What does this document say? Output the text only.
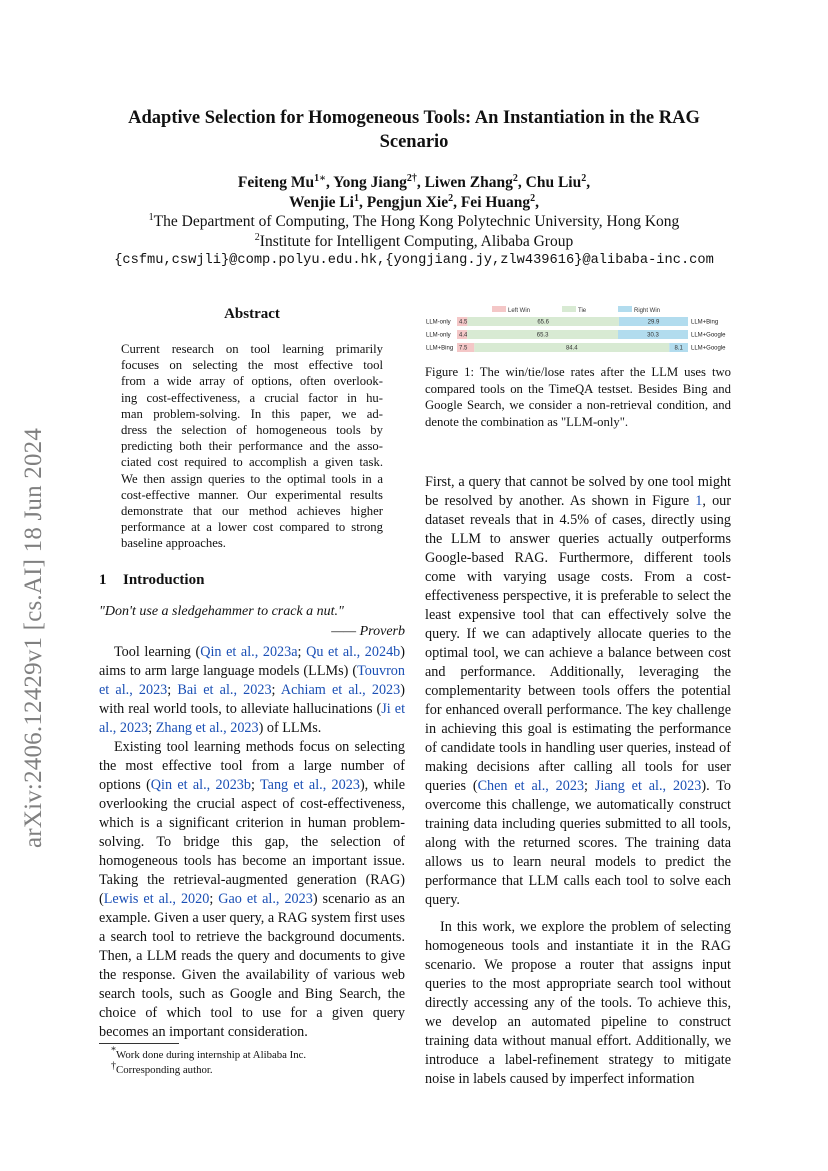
arXiv:2406.12429v1 [cs.AI] 18 Jun 2024
Adaptive Selection for Homogeneous Tools: An Instantiation in the RAG
Scenario
Feiteng $Mu^{1∗}$, Yong Jiang$^{2\dagger}$, Liwen Zhang$^2$, Chu Liu$^2$,
Wenjie Li$^1$, Pengjun Xie$^2$, Fei Huang$^2$,
$^1$The Department of Computing, The Hong Kong Polytechnic University, Hong Kong
$^2$Institute for Intelligent Computing, Alibaba Group
{csfmu,cswjli}@comp.polyu.edu.hk,{yongjiang.jy,zlw439616}@alibaba-inc.com
Abstract
Current research on tool learning primarily
focuses on selecting the most effective tool
from a wide array of options, often overlook-
ing cost-effectiveness, a crucial factor in hu-
man problem-solving. In this paper, we ad-
dress the selection of homogeneous tools by
predicting both their performance and the asso-
ciated cost required to accomplish a given task.
We then assign queries to the optimal tools in a
cost-effective manner. Our experimental results
demonstrate that our method achieves higher
performance at a lower cost compared to strong
baseline approaches.
1 Introduction
"Don't use a sledgehammer to crack a nut."
—— Proverb

Tool learning (Qin et al., 2023a; Qu et al., 2024b) aims to arm large language models (LLMs) (Touvron et al., 2023; Bai et al., 2023; Achiam et al., 2023) with real world tools, to alleviate hallucinations (Ji et al., 2023; Zhang et al., 2023) of LLMs.

Existing tool learning methods focus on selecting the most effective tool from a large number of options (Qin et al., 2023b; Tang et al., 2023), while overlooking the crucial aspect of cost-effectiveness, which is a significant criterion in human problem-solving. To bridge this gap, the selection of homogeneous tools has become an important issue. Taking the retrieval-augmented generation (RAG) (Lewis et al., 2020; Gao et al., 2023) scenario as an example. Given a user query, a RAG system first uses a search tool to retrieve the background documents. Then, a LLM reads the query and documents to give the response. Given the availability of various web search tools, such as Google and Bing Search, the choice of which tool to use for a given query becomes an important consideration.

*Work done during internship at Alibaba Inc.
†Corresponding author.
Left Win	Tie	Right Win
LLM-only 4.5	65.6	29.9	LLM+Bing
LLM-only 4.4	65.3	30.3	LLM+Google
LLM+Bing 7.5	84.4	8.1 LLM+Google
Figure 1: The win/tie/lose rates after the LLM uses two compared tools on the TimeQA testset. Besides Bing and Google Search, we consider a non-retrieval condition, and denote the combination as "LLM-only".

First, a query that cannot be solved by one tool might be resolved by another. As shown in Figure 1, our dataset reveals that in 4.5% of cases, directly using the LLM to answer queries actually outperforms Google-based RAG. Furthermore, different tools come with varying usage costs. From a cost-effectiveness perspective, it is preferable to select the least expensive tool that can effectively solve the query. If we can adaptively allocate queries to the optimal tool, we can achieve a balance between cost and performance. Additionally, leveraging the complementarity between tools offers the potential for enhanced overall performance. The key challenge in achieving this goal is estimating the performance of candidate tools in handling user queries, instead of making decisions after calling all tools for user queries (Chen et al., 2023; Jiang et al., 2023). To overcome this challenge, we automatically construct training data including queries submitted to all tools, along with the returned scores. The training data allows us to learn neural models to predict the performance that LLM calls each tool to solve each query.

In this work, we explore the problem of selecting homogeneous tools and instantiate it in the RAG scenario. We propose a router that assigns input queries to the most appropriate search tool without directly accessing any of the tools. To achieve this, we develop an automated pipeline to construct training data without manual effort. Additionally, we introduce a label-refinement strategy to mitigate noise in labels caused by imperfect information
